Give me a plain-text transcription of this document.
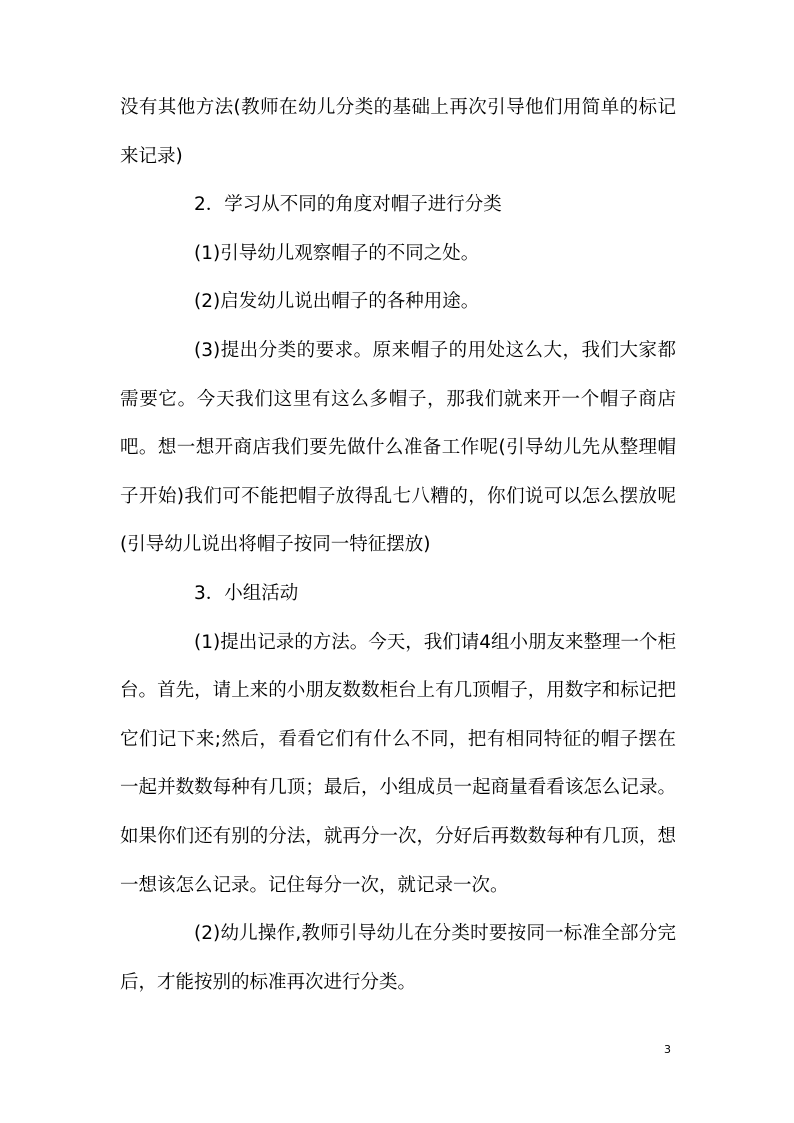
没有其他方法(教师在幼儿分类的基础上再次引导他们用简单的标记来记录)

2．学习从不同的角度对帽子进行分类

(1)引导幼儿观察帽子的不同之处。

(2)启发幼儿说出帽子的各种用途。

(3)提出分类的要求。原来帽子的用处这么大，我们大家都需要它。今天我们这里有这么多帽子，那我们就来开一个帽子商店吧。想一想开商店我们要先做什么准备工作呢(引导幼儿先从整理帽子开始)我们可不能把帽子放得乱七八糟的，你们说可以怎么摆放呢(引导幼儿说出将帽子按同一特征摆放)

3．小组活动

(1)提出记录的方法。今天，我们请4组小朋友来整理一个柜台。首先，请上来的小朋友数数柜台上有几顶帽子，用数字和标记把它们记下来;然后，看看它们有什么不同，把有相同特征的帽子摆在一起并数数每种有几顶；最后，小组成员一起商量看看该怎么记录。如果你们还有别的分法，就再分一次，分好后再数数每种有几顶，想一想该怎么记录。记住每分一次，就记录一次。

(2)幼儿操作,教师引导幼儿在分类时要按同一标准全部分完后，才能按别的标准再次进行分类。

3
